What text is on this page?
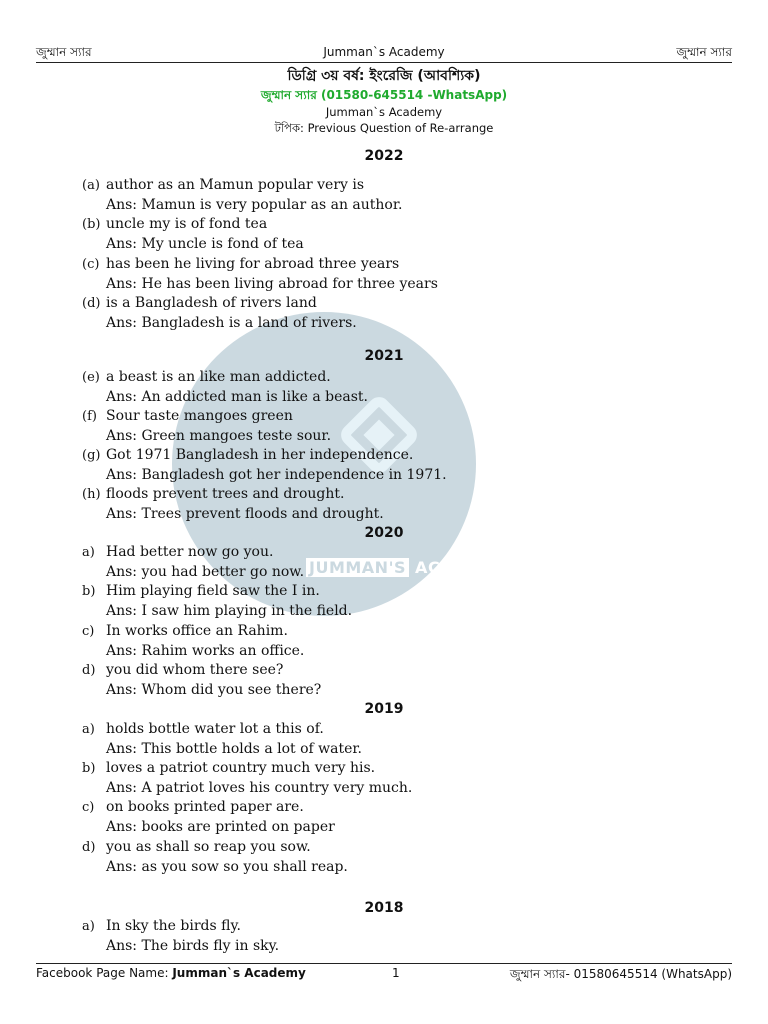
জুম্মান স্যার	Jumman`s Academy	জুম্মান স্যার
ডিগ্রি ৩য় বর্ষ: ইংরেজি (আবশ্যিক)
জুম্মান স্যার (01580-645514 -WhatsApp)
Jumman`s Academy
টপিক: Previous Question of Re-arrange
JUMMAN'S ACADEMY
2022
(a) author as an Mamun popular very is
Ans: Mamun is very popular as an author.
(b) uncle my is of fond tea
Ans: My uncle is fond of tea
(c) has been he living for abroad three years
Ans: He has been living abroad for three years
(d) is a Bangladesh of rivers land
Ans: Bangladesh is a land of rivers.
2021
(e) a beast is an like man addicted.
Ans: An addicted man is like a beast.
(f) Sour taste mangoes green
Ans: Green mangoes teste sour.
(g) Got 1971 Bangladesh in her independence.
Ans: Bangladesh got her independence in 1971.
(h) floods prevent trees and drought.
Ans: Trees prevent floods and drought.
2020
a) Had better now go you.
Ans: you had better go now.
b) Him playing field saw the I in.
Ans: I saw him playing in the field.
c) In works office an Rahim.
Ans: Rahim works an office.
d) you did whom there see?
Ans: Whom did you see there?
2019
a) holds bottle water lot a this of.
Ans: This bottle holds a lot of water.
b) loves a patriot country much very his.
Ans: A patriot loves his country very much.
c) on books printed paper are.
Ans: books are printed on paper
d) you as shall so reap you sow.
Ans: as you sow so you shall reap.
2018
a) In sky the birds fly.
Ans: The birds fly in sky.
Facebook Page Name: Jumman`s Academy	1	জুম্মান স্যার- 01580645514 (WhatsApp)
